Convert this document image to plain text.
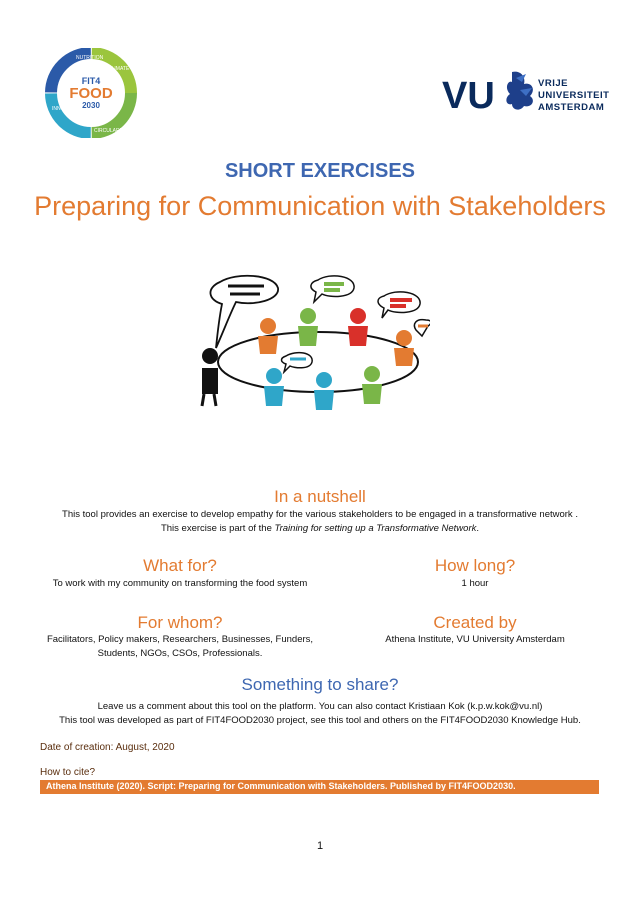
NUTRITION
CLIMATE
CIRCULARITY
INNOVATION
FIT4
FOOD
2030	VU	VRIJE
UNIVERSITEIT
AMSTERDAM
SHORT EXERCISES
Preparing for Communication with Stakeholders
In a nutshell
This tool provides an exercise to develop empathy for the various stakeholders to be engaged in a transformative network .
This exercise is part of the Training for setting up a Transformative Network.
What for?
To work with my community on transforming the food system
How long?
1 hour
For whom?
Facilitators, Policy makers, Researchers, Businesses, Funders,
Students, NGOs, CSOs, Professionals.
Created by
Athena Institute, VU University Amsterdam
Something to share?
Leave us a comment about this tool on the platform. You can also contact Kristiaan Kok (k.p.w.kok@vu.nl)
This tool was developed as part of FIT4FOOD2030 project, see this tool and others on the FIT4FOOD2030 Knowledge Hub.
Date of creation: August, 2020
How to cite?
Athena Institute (2020). Script: Preparing for Communication with Stakeholders. Published by FIT4FOOD2030.
1
